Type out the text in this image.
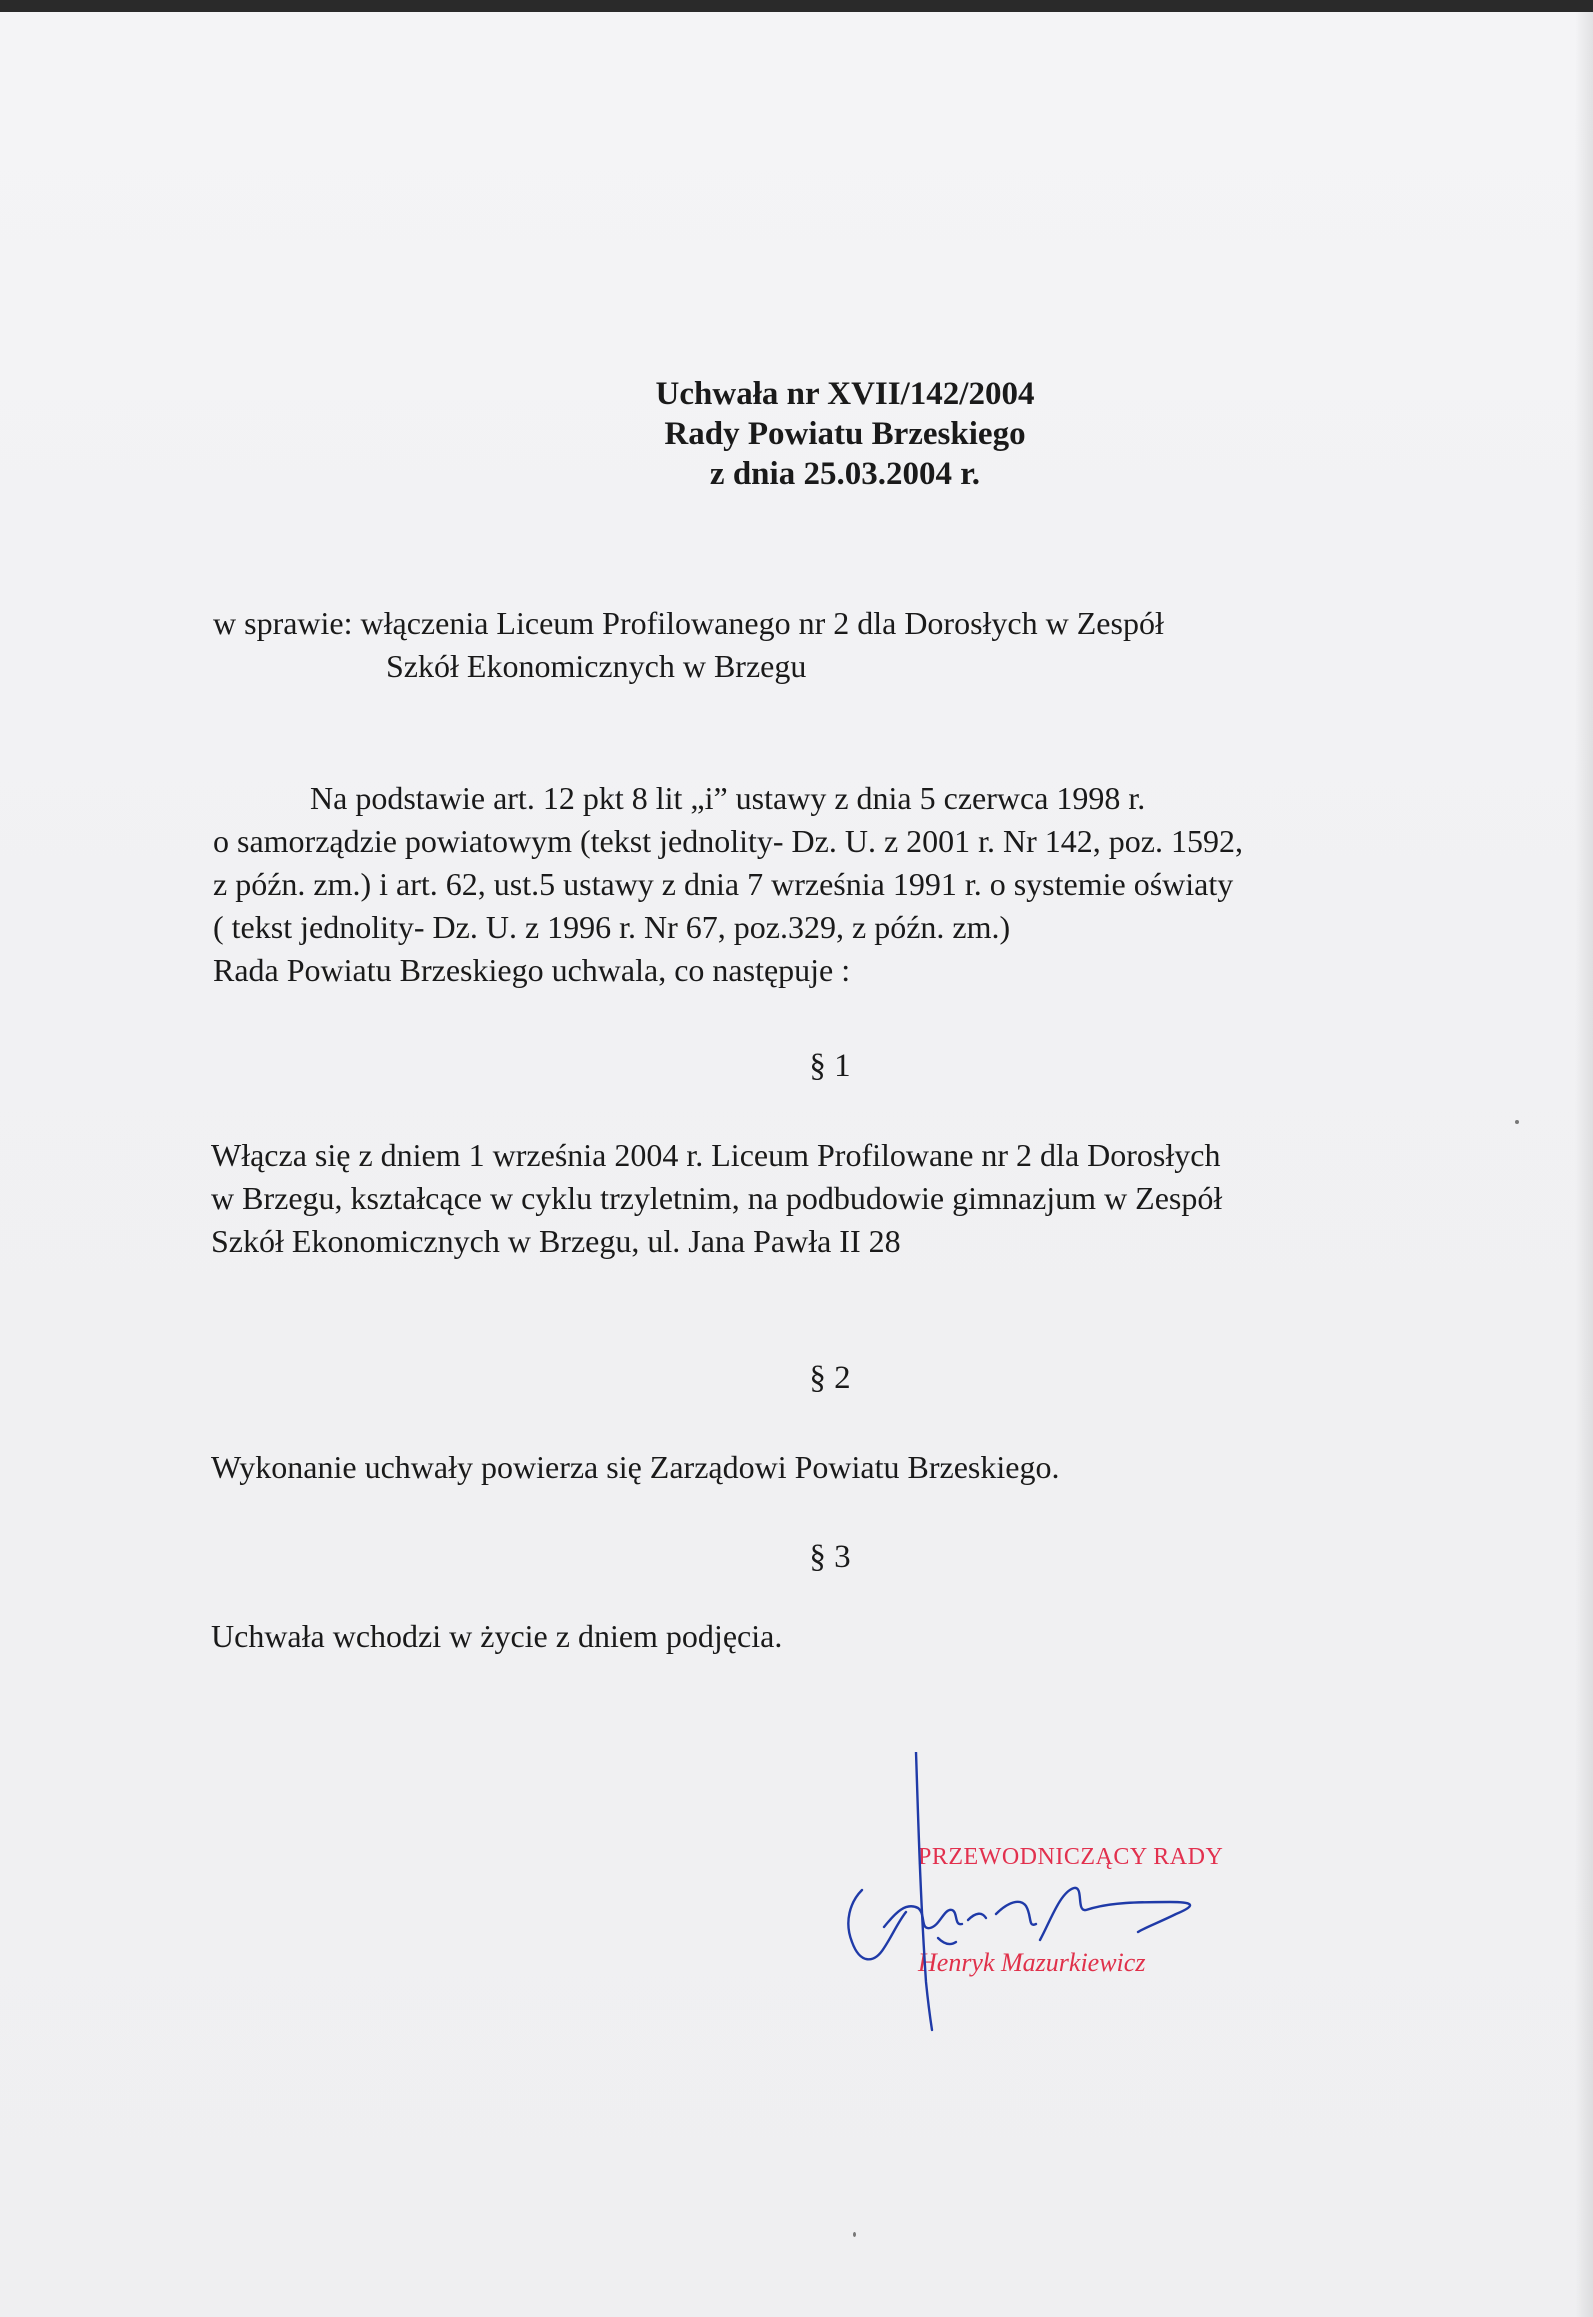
Uchwała nr XVII/142/2004
Rady Powiatu Brzeskiego
z dnia 25.03.2004 r.
w sprawie: włączenia Liceum Profilowanego nr 2 dla Dorosłych w Zespół
Szkół Ekonomicznych w Brzegu
Na podstawie art. 12 pkt 8 lit „i” ustawy z dnia 5 czerwca 1998 r.
o samorządzie powiatowym (tekst jednolity- Dz. U. z 2001 r. Nr 142, poz. 1592,
z późn. zm.) i art. 62, ust.5 ustawy z dnia 7 września 1991 r. o systemie oświaty
( tekst jednolity- Dz. U. z 1996 r. Nr 67, poz.329, z późn. zm.)
Rada Powiatu Brzeskiego uchwala, co następuje :
§ 1
Włącza się z dniem 1 września 2004 r. Liceum Profilowane nr 2 dla Dorosłych
w Brzegu, kształcące w cyklu trzyletnim, na podbudowie gimnazjum w Zespół
Szkół Ekonomicznych w Brzegu, ul. Jana Pawła II 28
§ 2
Wykonanie uchwały powierza się Zarządowi Powiatu Brzeskiego.
§ 3
Uchwała wchodzi w życie z dniem podjęcia.
PRZEWODNICZĄCY RADY
Henryk Mazurkiewicz
